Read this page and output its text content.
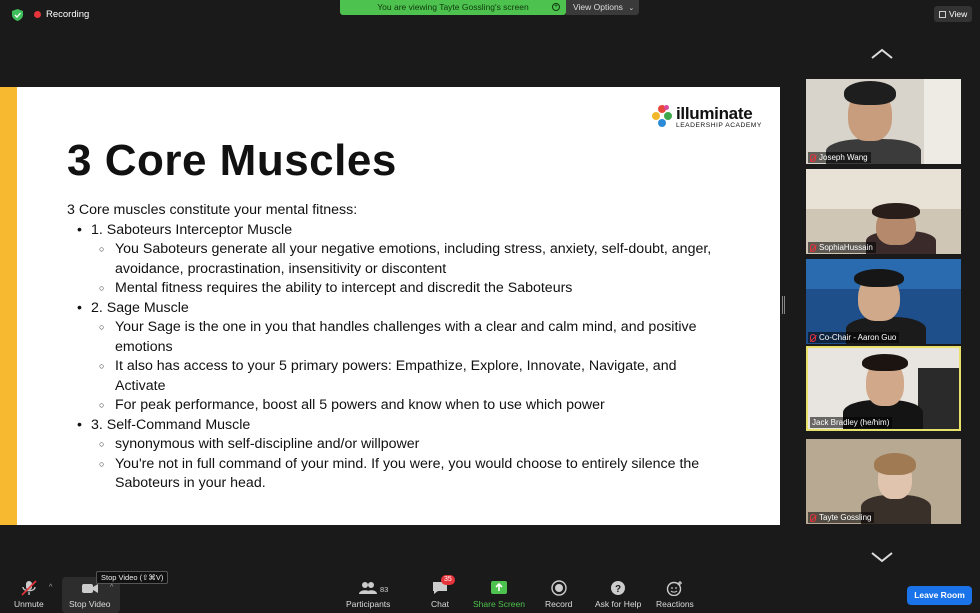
Recording
You are viewing Tayte Gossling's screen	+	View Options ⌄
View
illuminate
LEADERSHIP ACADEMY
3 Core Muscles
3 Core muscles constitute your mental fitness:
• 1. Saboteurs Interceptor Muscle
○ You Saboteurs generate all your negative emotions, including stress, anxiety, self-doubt, anger, avoidance, procrastination, insensitivity or discontent
○ Mental fitness requires the ability to intercept and discredit the Saboteurs
• 2. Sage Muscle
○ Your Sage is the one in you that handles challenges with a clear and calm mind, and positive emotions
○ It also has access to your 5 primary powers: Empathize, Explore, Innovate, Navigate, and Activate
○ For peak performance, boost all 5 powers and know when to use which power
• 3. Self-Command Muscle
○ synonymous with self-discipline and/or willpower
○ You're not in full command of your mind. If you were, you would choose to entirely silence the Saboteurs in your head.
Joseph Wang
SophiaHussain
Co-Chair - Aaron Guo
Jack Bradley (he/him)
Tayte Gossling
Stop Video (⇧⌘V)
Unmute
^
Stop Video
^
Participants
83
35
Chat	Share Screen Record
?
Ask for Help Reactions
Leave Room
